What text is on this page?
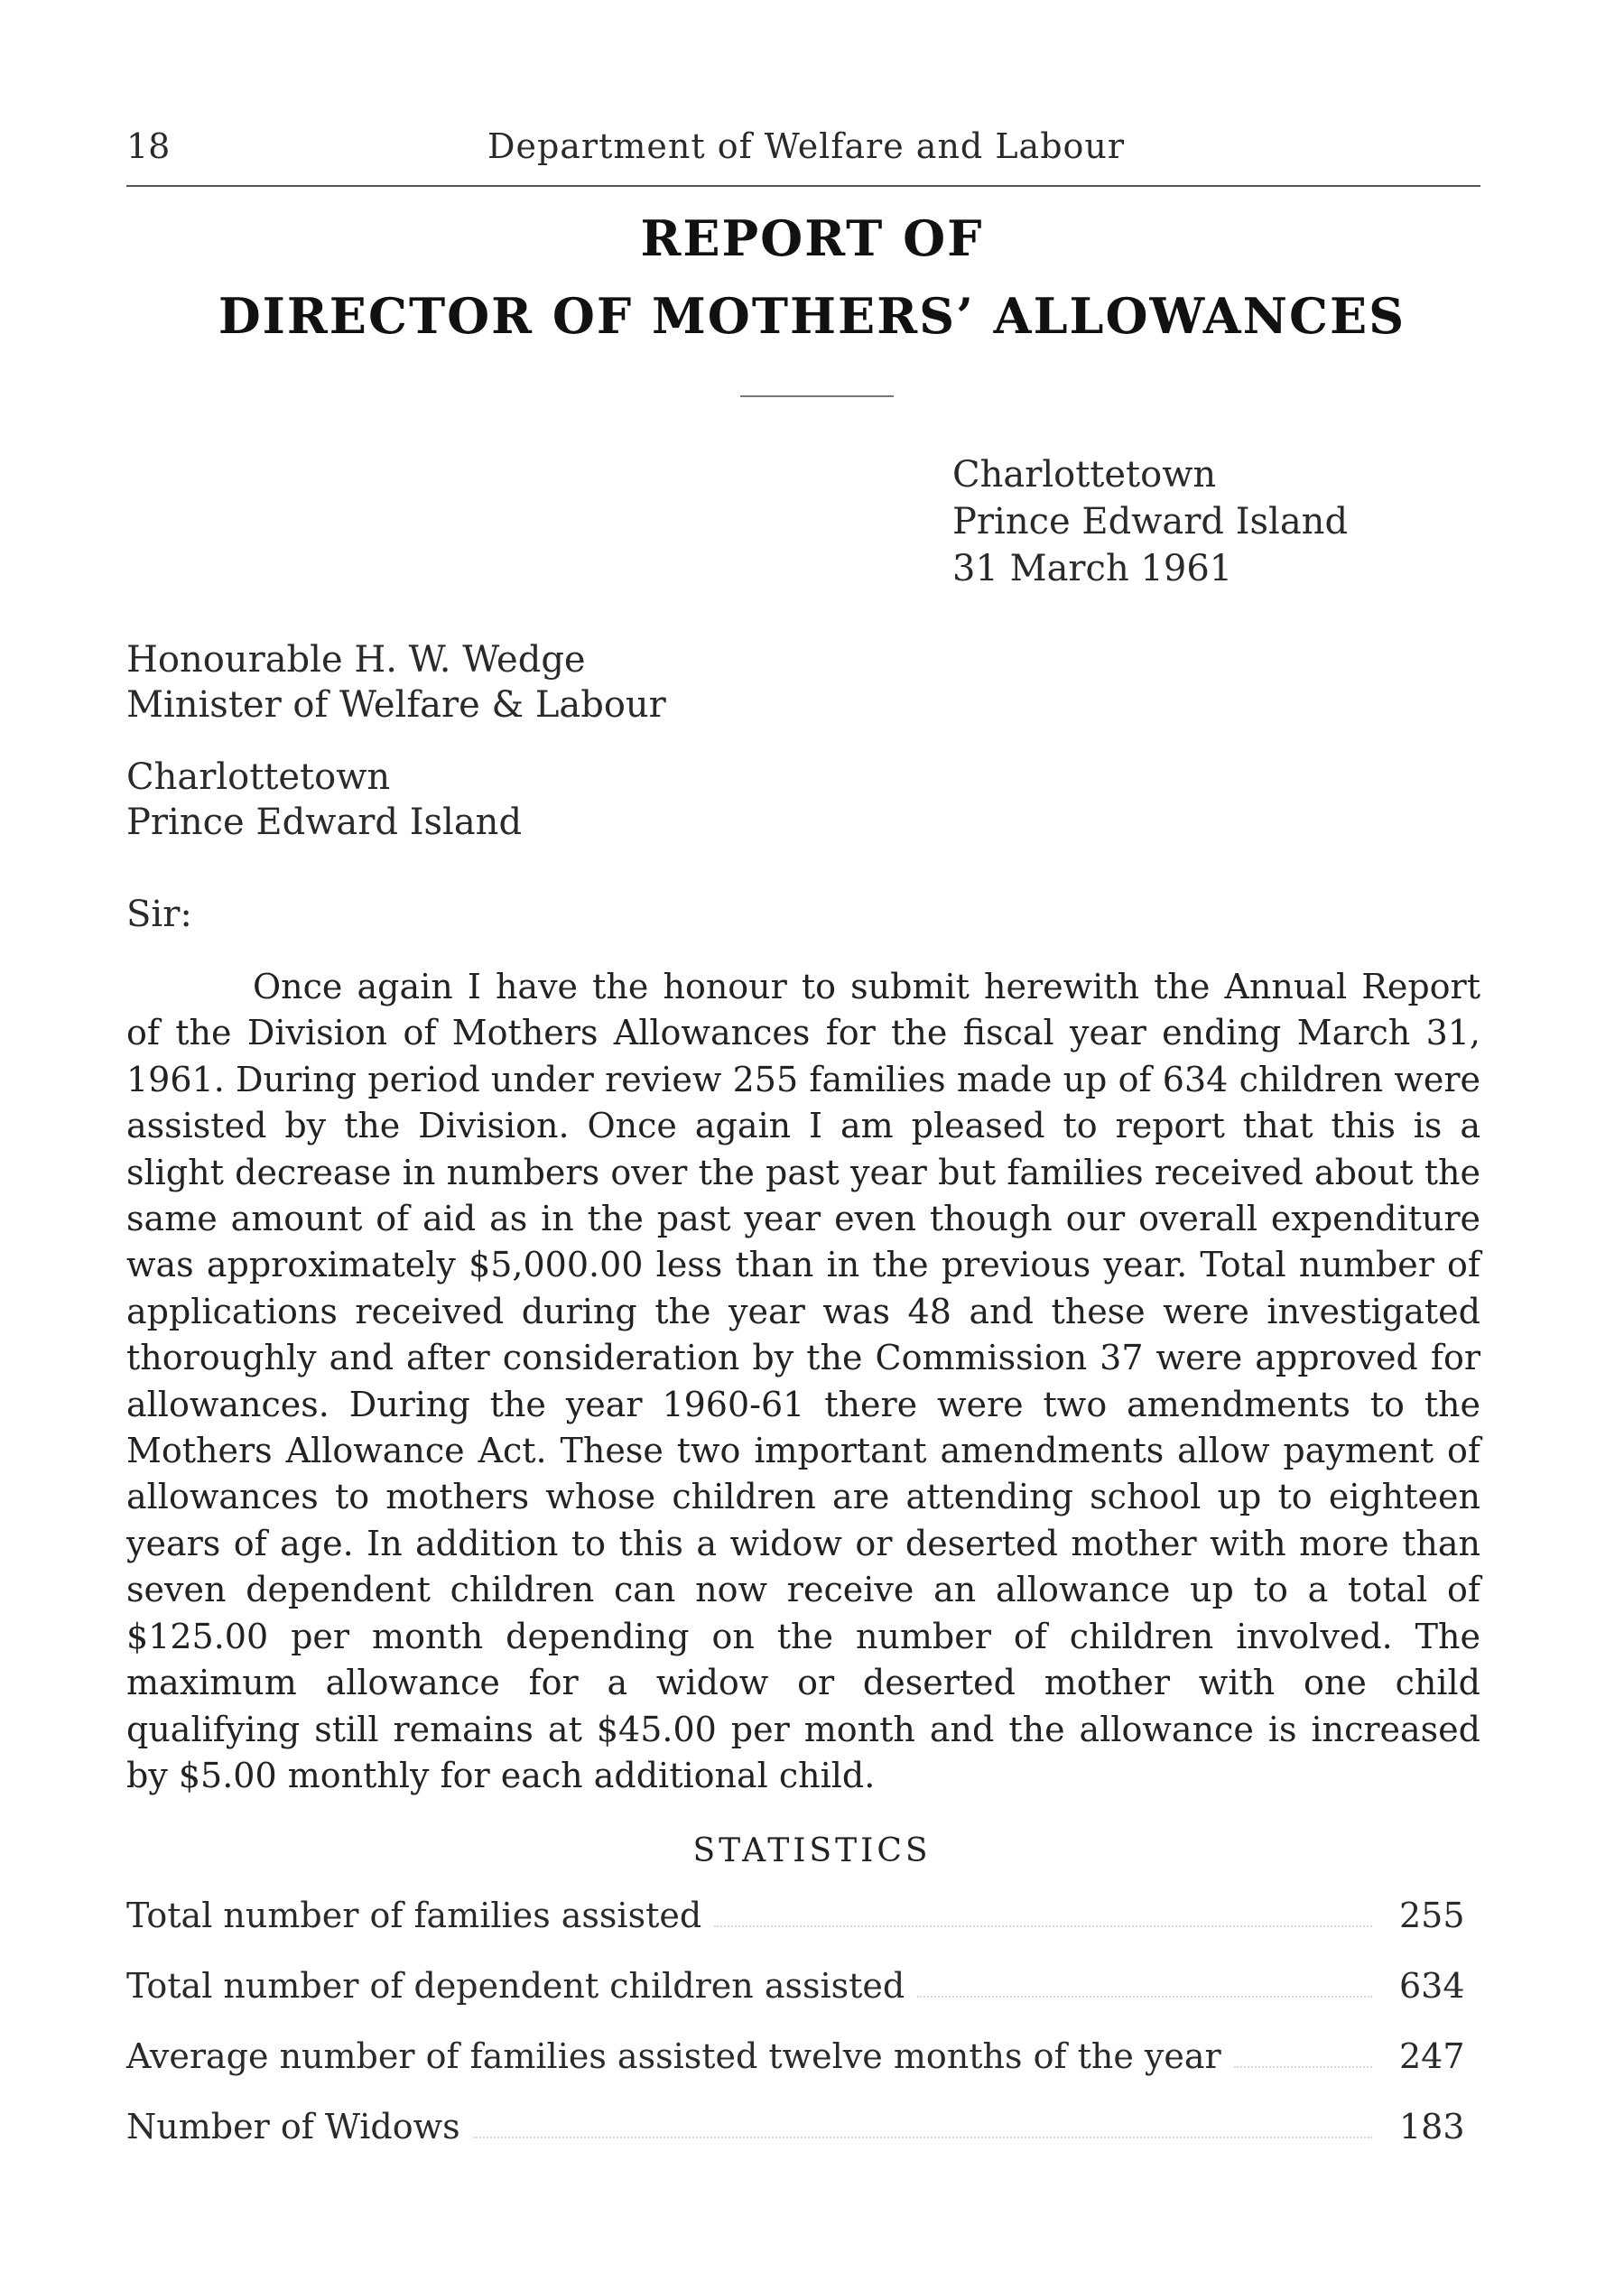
18	Department of Welfare and Labour
REPORT OF
DIRECTOR OF MOTHERS’ ALLOWANCES
Charlottetown
Prince Edward Island
31 March 1961
Honourable H. W. Wedge
Minister of Welfare & Labour
Charlottetown
Prince Edward Island
Sir:

Once again I have the honour to submit herewith the Annual Report of the Division of Mothers Allowances for the fiscal year ending March 31, 1961. During period under review 255 families made up of 634 children were assisted by the Division. Once again I am pleased to report that this is a slight decrease in numbers over the past year but families received about the same amount of aid as in the past year even though our overall expenditure was approximately $5,000.00 less than in the previous year. Total number of applications received during the year was 48 and these were investigated thoroughly and after consideration by the Commission 37 were approved for allowances. During the year 1960-61 there were two amendments to the Mothers Allowance Act. These two important amendments allow payment of allowances to mothers whose children are attending school up to eighteen years of age. In addition to this a widow or deserted mother with more than seven dependent children can now receive an allowance up to a total of $125.00 per month depending on the number of children involved. The maximum allowance for a widow or deserted mother with one child qualifying still remains at $45.00 per month and the allowance is increased by $5.00 monthly for each additional child.

STATISTICS
Total number of families assisted	255
Total number of dependent children assisted	634
Average number of families assisted twelve months of the year	247
Number of Widows	183
